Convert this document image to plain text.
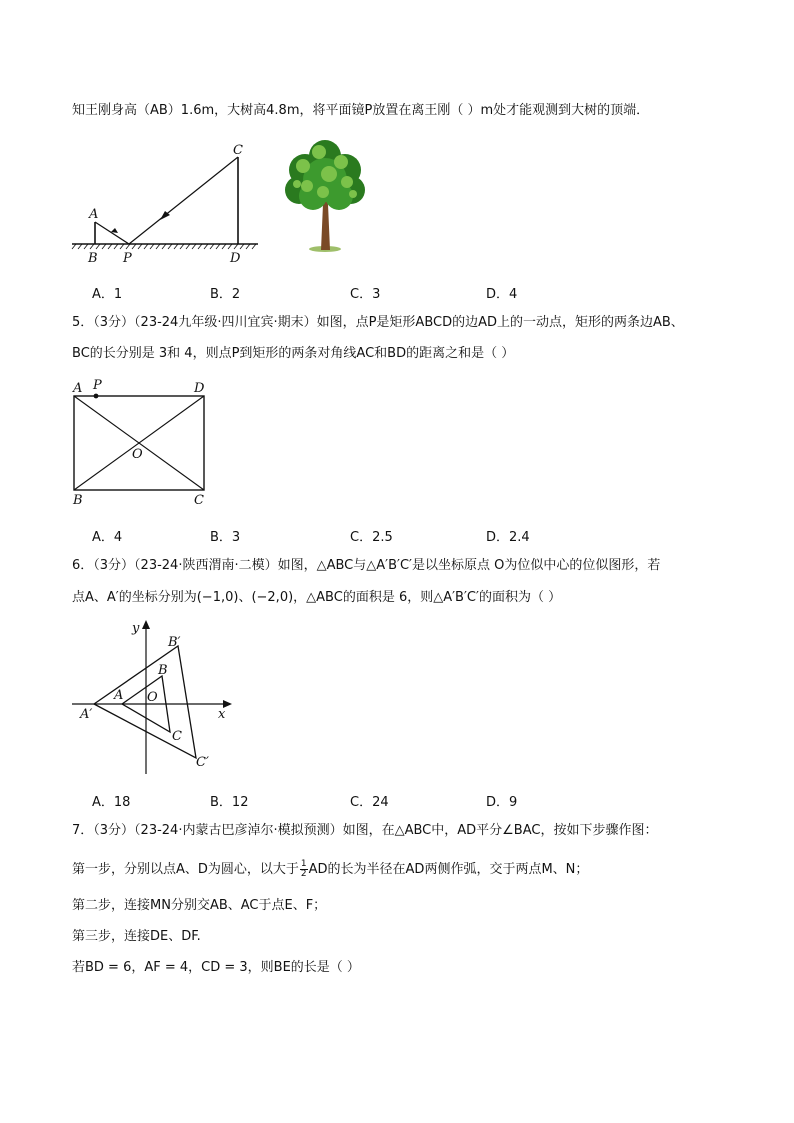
知王刚身高（AB）1.6m，大树高4.8m，将平面镜P放置在离王刚（ ）m处才能观测到大树的顶端．
A
B P
C
D
A．1	B．2	C．3	D．4
5．（3分）（23-24九年级·四川宜宾·期末）如图，点P是矩形ABCD的边AD上的一动点，矩形的两条边AB、
BC的长分别是 3和 4，则点P到矩形的两条对角线AC和BD的距离之和是（ ）
A P	D
O
B	C
A．4	B．3	C．2.5	D．2.4
6．（3分）（23-24·陕西渭南·二模）如图，△ABC与△A′B′C′是以坐标原点 O为位似中心的位似图形，若
点A、A′的坐标分别为(−1,0)、(−2,0)，△ABC的面积是 6，则△A′B′C′的面积为（ ）
y
x
O
A
A′
B
B′
C
C′
A．18	B．12	C．24	D．9
7．（3分）（23-24·内蒙古巴彦淖尔·模拟预测）如图，在△ABC中，AD平分∠BAC，按如下步骤作图：
第一步，分别以点A、D为圆心，以大于 $\frac{1}{2}$ AD的长为半径在AD两侧作弧，交于两点M、N；
第二步，连接MN分别交AB、AC于点E、F；
第三步，连接DE、DF.
若BD = 6，AF = 4，CD = 3，则BE的长是（ ）
